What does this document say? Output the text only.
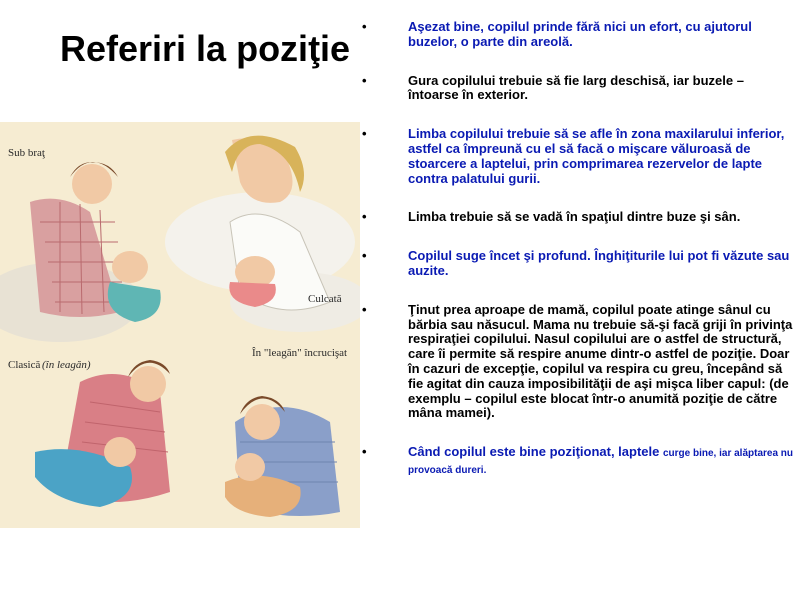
Referiri la poziţie
Sub braţ
Culcată
Clasică (în leagăn)
În "leagăn" încrucişat
• Aşezat bine, copilul prinde fără nici un efort, cu ajutorul buzelor, o parte din areolă.
• Gura copilului trebuie să fie larg deschisă, iar buzele – întoarse în exterior.
• Limba copilului trebuie să se afle în zona maxilarului inferior, astfel ca împreună cu el să facă o mişcare vălurоasă de stoarcere a laptelui, prin comprimarea rezervelor de lapte contra palatului gurii.
• Limba trebuie să se vadă în spaţiul dintre buze şi sân.
• Copilul suge încet şi profund. Înghiţiturile lui pot fi văzute sau auzite.
• Ţinut prea aproape de mamă, copilul poate atinge sânul cu bărbia sau năsucul. Mama nu trebuie să-şi facă griji în privinţa respiraţiei copilului. Nasul copilului are o astfel de structură, care îi permite să respire anume dintr-o astfel de poziţie. Doar în cazuri de excepţie, copilul va respira cu greu, începând să fie agitat din cauza imposibilităţii de aşi mişca liber capul: (de exemplu – copilul este blocat într-o anumită poziţie de către mâna mamei).
• Când copilul este bine poziţionat, laptele curge bine, iar alăptarea nu provoacă dureri.
